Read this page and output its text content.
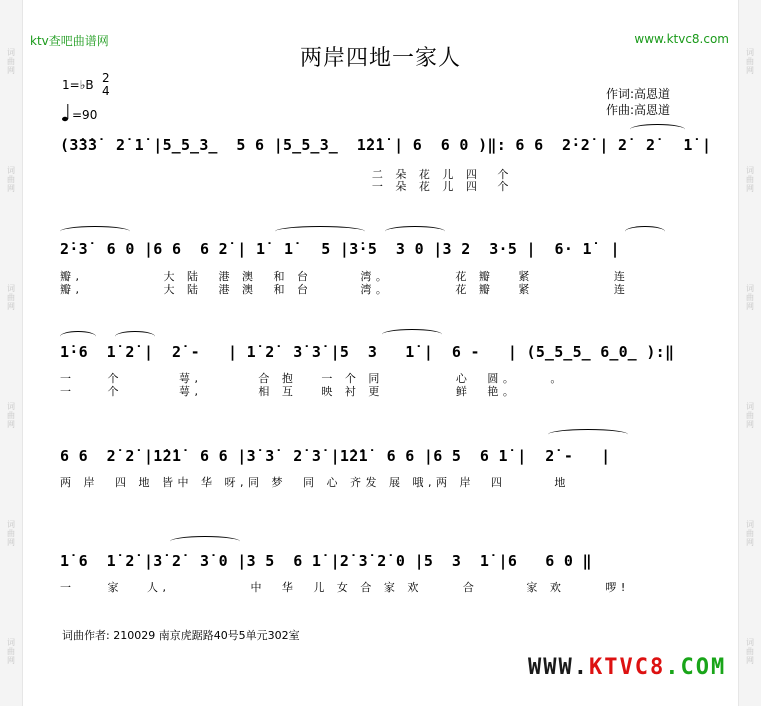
词
曲
网
词
曲
网
词
曲
网
词
曲
网
词
曲
网
词
曲
网
词
曲
网
词
曲
网
词
曲
网
词
曲
网
词
曲
网
词
曲
网
ktv查吧曲谱网	www.ktvc8.com
两岸四地一家人
1=♭B 2
4
=90
作词:高恩道
作曲:高恩道
(3̇3̇3̇  2̇ 1̇ |5̲5̲3̲  5 6 |5̲5̲3̲  1̇2̇1̇ | 6  6 0 )‖: 6 6  2̇·2̇ | 2̇  2̇   1̇ |
二 朵 花 儿 四  个
一 朵 花 儿 四  个
2̇·3̇  6 0 |6 6  6 2̇ | 1̇  1̇   5 |3̇·5  3 0 |3 2  3·5 |  6· 1̇  |
瓣,          大 陆  港 澳  和 台      湾。        花 瓣   紧          连
瓣,          大 陆  港 澳  和 台      湾。        花 瓣   紧          连
1̇·6  1̇ 2̇ |  2̇ -   | 1̇ 2̇  3̇ 3̇ |5  3   1̇ |  6 -   | (5̲5̲5̲ 6̲0̲ ):‖
一    个       萼,       合 抱   一 个 同         心  圆。    。
一    个       萼,       相 互   映 衬 更         鲜  艳。
6 6  2̇ 2̇ |1̇2̇1̇  6 6 |3̇ 3̇  2̇ 3̇ |1̇2̇1̇  6 6 |6 5  6 1̇ |  2̇ -   |
两 岸  四 地 皆中 华 呀,同 梦  同 心 齐发 展 哦,两 岸  四      地
1̇ 6  1̇ 2̇ |3̇ 2̇  3̇ 0 |3 5  6 1̇ |2̇ 3̇ 2̇ 0 |5  3  1̇ |6   6 0 ‖
一    家   人,          中  华  儿 女 合 家 欢     合      家 欢     啰!
词曲作者: 210029 南京虎踞路40号5单元302室
WWW.KTVC8.COM
